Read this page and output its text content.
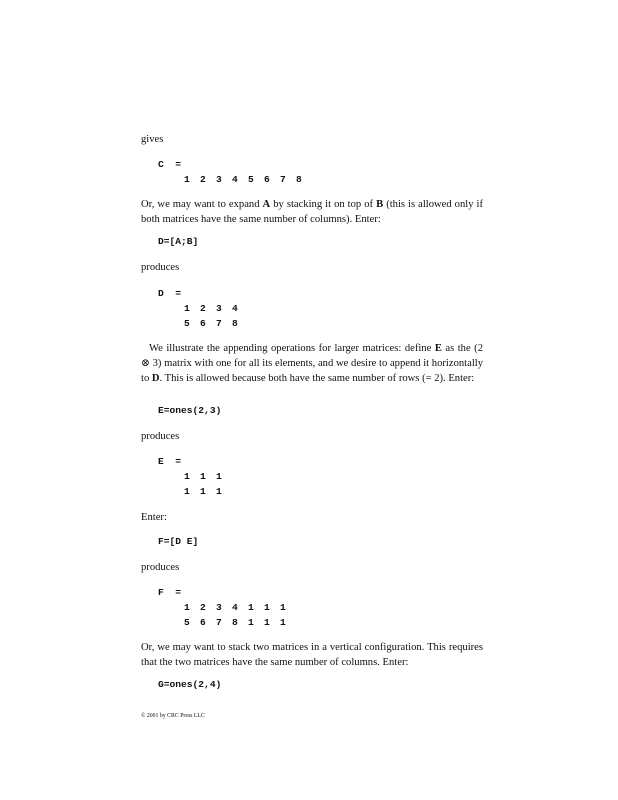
gives

C  =
1 2 3 4 5 6 7 8

Or, we may want to expand A by stacking it on top of B (this is allowed only if both matrices have the same number of columns). Enter:

D=[A;B]

produces

D  =
1 2 3 4
5 6 7 8

We illustrate the appending operations for larger matrices: define E as the (2 ⊗ 3) matrix with one for all its elements, and we desire to append it horizontally to D. This is allowed because both have the same number of rows (= 2). Enter:

E=ones(2,3)

produces

E  =
1 1 1
1 1 1

Enter:

F=[D E]

produces

F  =
1 2 3 4 1 1 1
5 6 7 8 1 1 1

Or, we may want to stack two matrices in a vertical configuration. This requires that the two matrices have the same number of columns. Enter:

G=ones(2,4)

© 2001 by CRC Press LLC
